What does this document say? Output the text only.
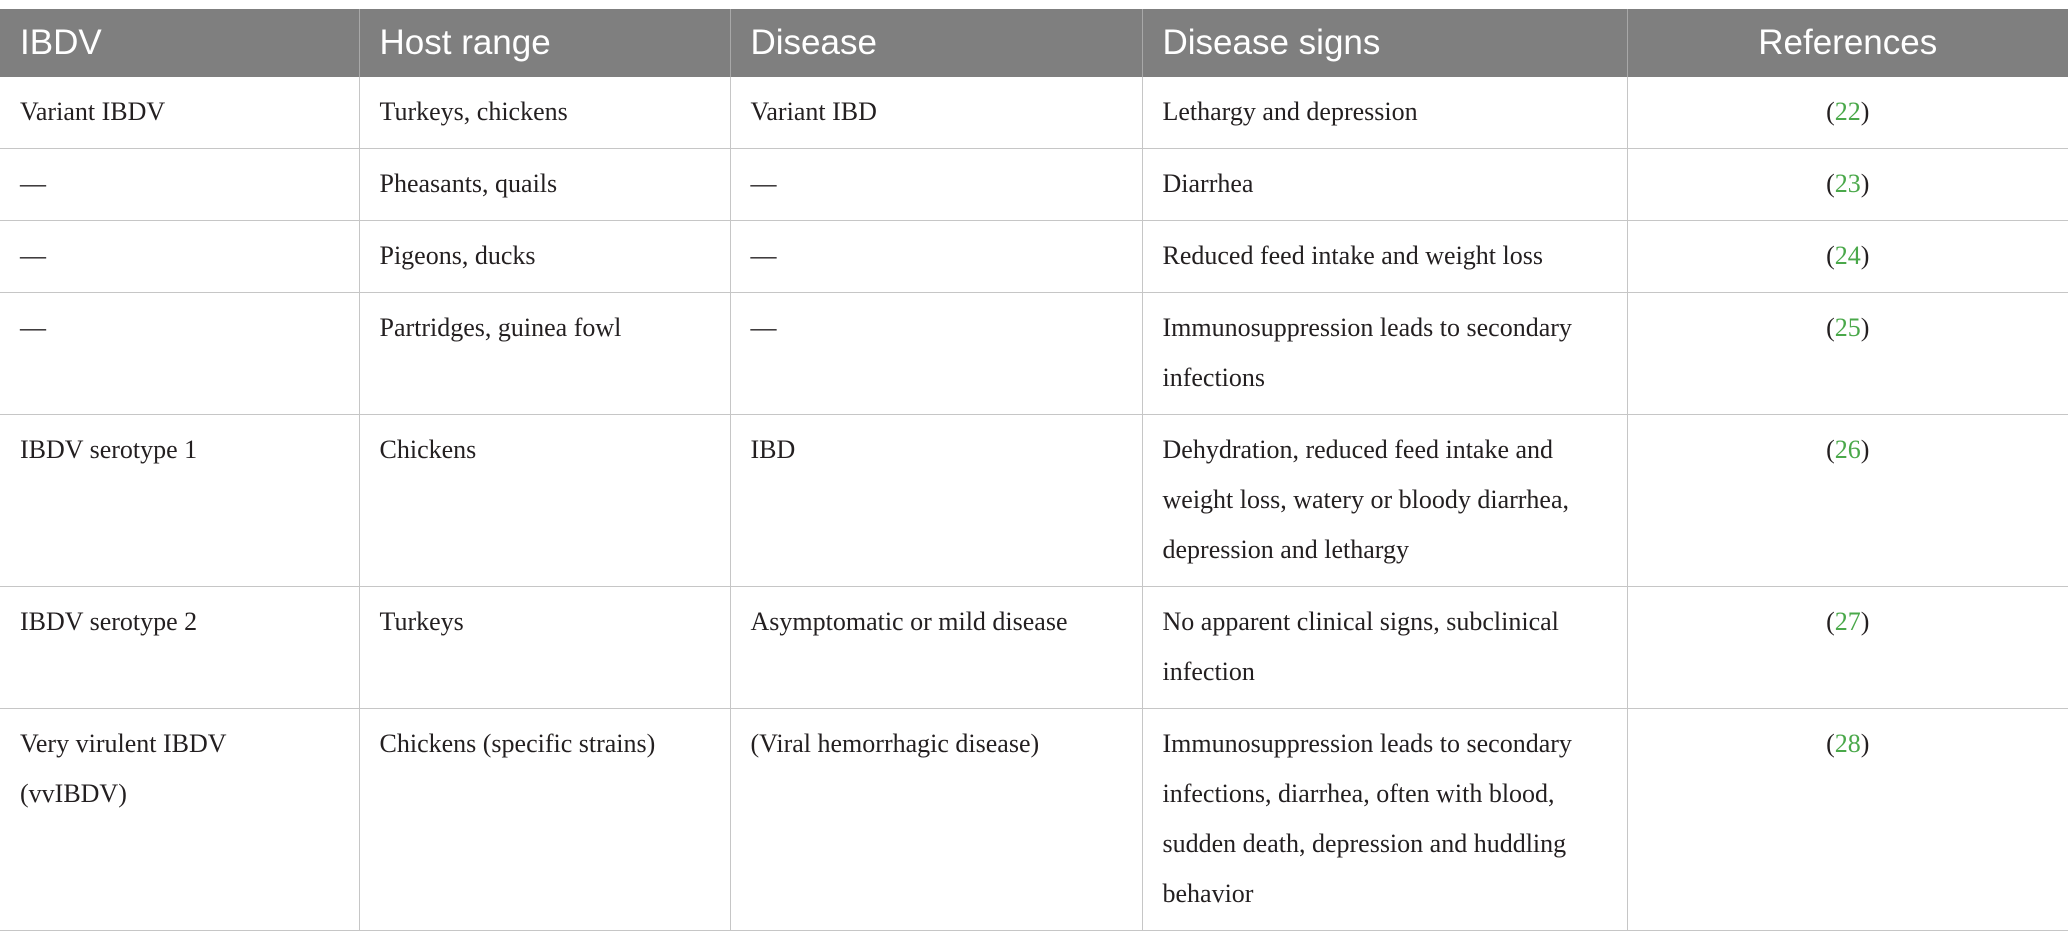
IBDV	Host range	Disease	Disease signs	References
Variant IBDV	Turkeys, chickens	Variant IBD	Lethargy and depression	(22)
—	Pheasants, quails	—	Diarrhea	(23)
—	Pigeons, ducks	—	Reduced feed intake and weight loss	(24)
—	Partridges, guinea fowl	—	Immunosuppression leads to secondary infections	(25)
IBDV serotype 1	Chickens	IBD	Dehydration, reduced feed intake and weight loss, watery or bloody diarrhea, depression and lethargy	(26)
IBDV serotype 2	Turkeys	Asymptomatic or mild disease	No apparent clinical signs, subclinical infection	(27)
Very virulent IBDV (vvIBDV)	Chickens (specific strains)	(Viral hemorrhagic disease)	Immunosuppression leads to secondary infections, diarrhea, often with blood, sudden death, depression and huddling behavior	(28)
